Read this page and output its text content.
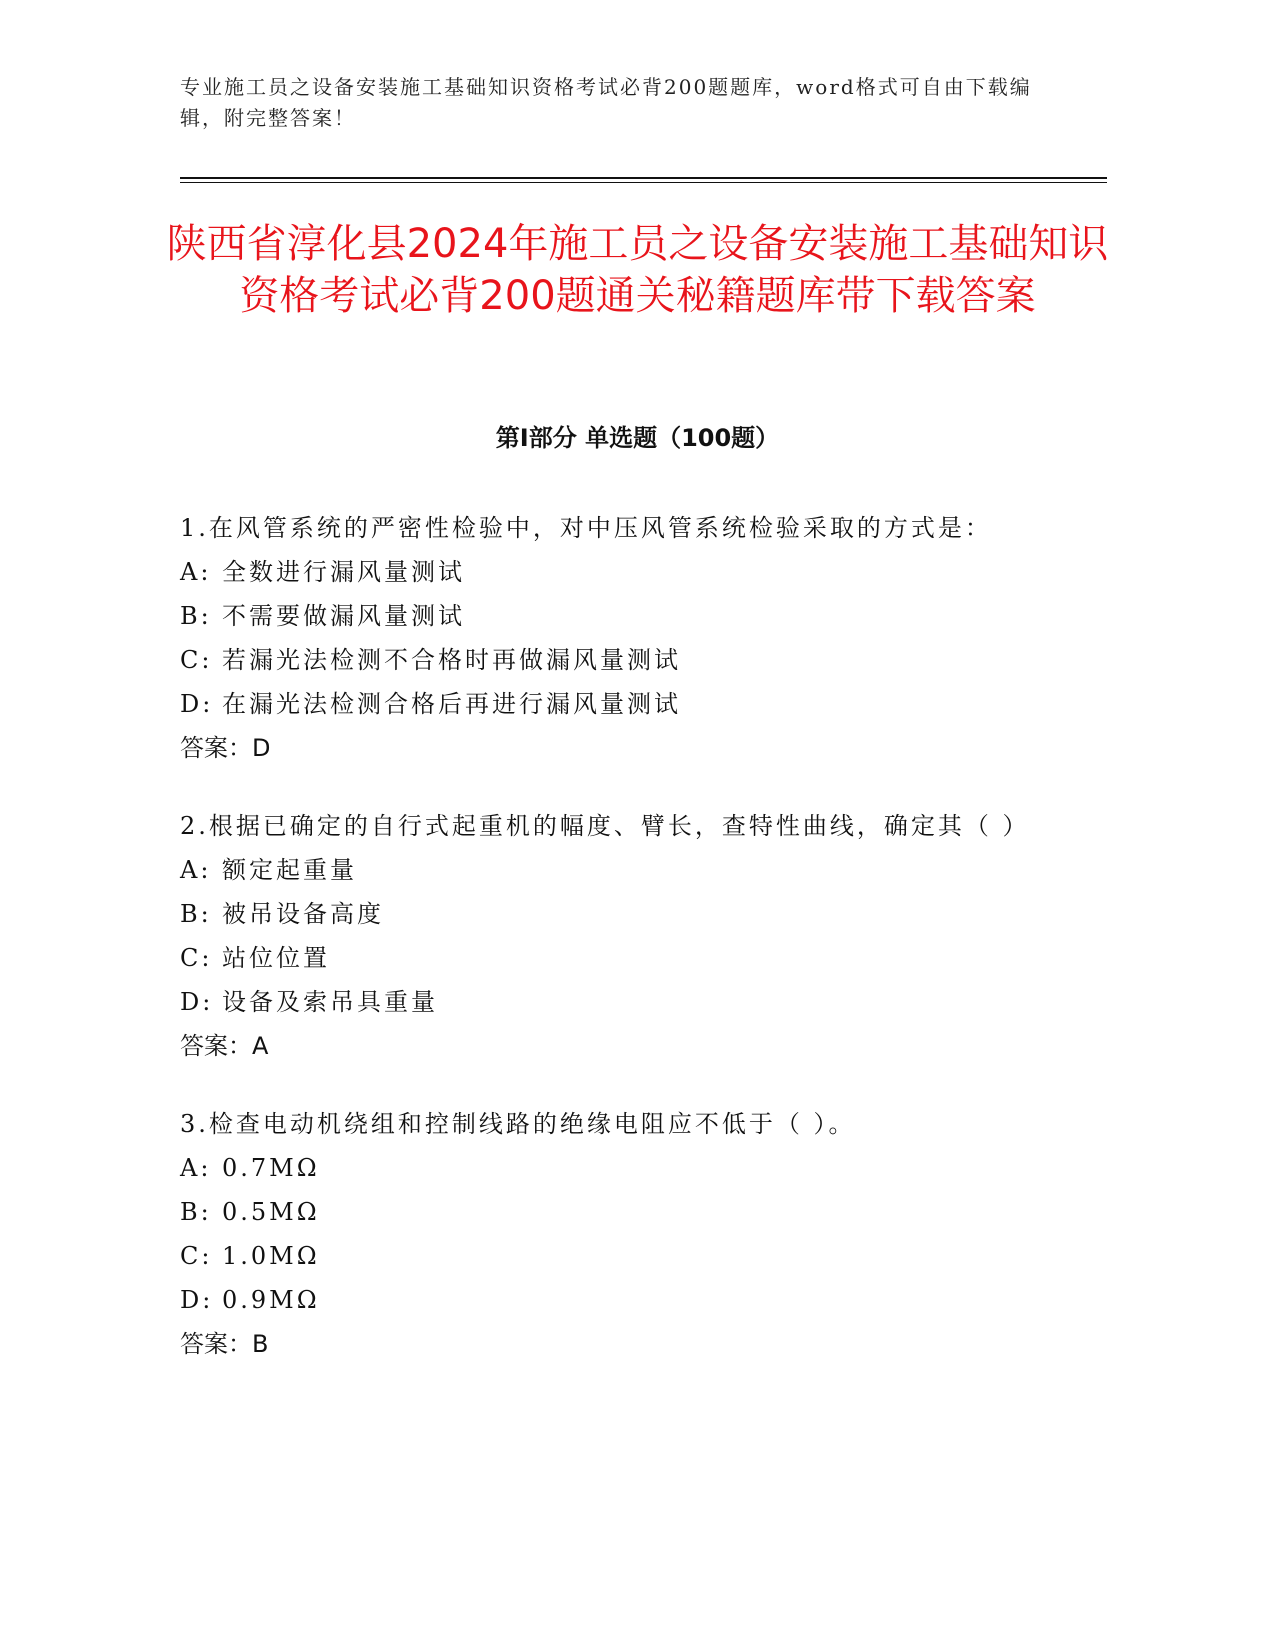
专业施工员之设备安装施工基础知识资格考试必背200题题库，word格式可自由下载编辑，附完整答案！
陕西省淳化县2024年施工员之设备安装施工基础知识资格考试必背200题通关秘籍题库带下载答案
第Ⅰ部分 单选题（100题）

1.在风管系统的严密性检验中，对中压风管系统检验采取的方式是：

A: 全数进行漏风量测试

B: 不需要做漏风量测试

C: 若漏光法检测不合格时再做漏风量测试

D: 在漏光法检测合格后再进行漏风量测试

答案：D

2.根据已确定的自行式起重机的幅度、臂长，查特性曲线，确定其（ ）

A: 额定起重量

B: 被吊设备高度

C: 站位位置

D: 设备及索吊具重量

答案：A

3.检查电动机绕组和控制线路的绝缘电阻应不低于（ ）。

A: 0.7MΩ

B: 0.5MΩ

C: 1.0MΩ

D: 0.9MΩ

答案：B
